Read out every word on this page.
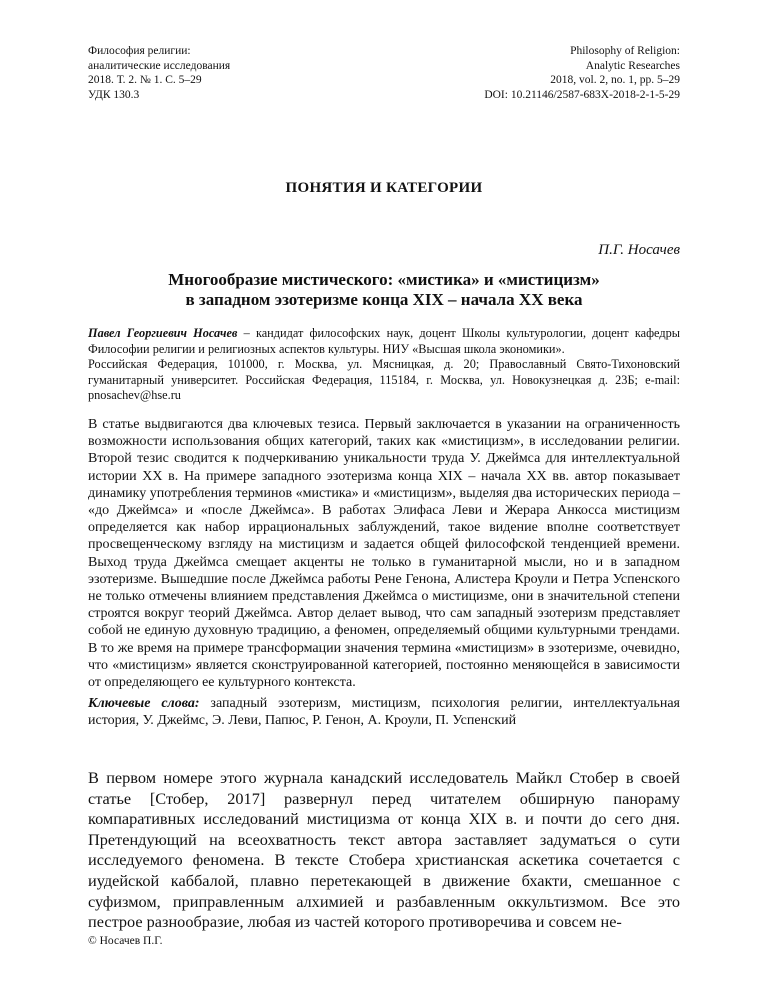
Философия религии:
аналитические исследования
2018. Т. 2. № 1. С. 5–29
УДК 130.3
Philosophy of Religion:
Analytic Researches
2018, vol. 2, no. 1, pp. 5–29
DOI: 10.21146/2587-683X-2018-2-1-5-29
ПОНЯТИЯ И КАТЕГОРИИ
П.Г. Носачев
Многообразие мистического: «мистика» и «мистицизм»
в западном эзотеризме конца XIX – начала XX века
Павел Георгиевич Носачев – кандидат философских наук, доцент Школы культурологии, доцент кафедры Философии религии и религиозных аспектов культуры. НИУ «Высшая школа экономики».
Российская Федерация, 101000, г. Москва, ул. Мясницкая, д. 20; Православный Свято-Тихоновский гуманитарный университет. Российская Федерация, 115184, г. Москва, ул. Новокузнецкая д. 23Б; e-mail: pnosachev@hse.ru
В статье выдвигаются два ключевых тезиса. Первый заключается в указании на ограниченность возможности использования общих категорий, таких как «мистицизм», в исследовании религии. Второй тезис сводится к подчеркиванию уникальности труда У. Джеймса для интеллектуальной истории XX в. На примере западного эзотеризма конца XIX – начала XX вв. автор показывает динамику употребления терминов «мистика» и «мистицизм», выделяя два исторических периода – «до Джеймса» и «после Джеймса». В работах Элифаса Леви и Жерара Анкосса мистицизм определяется как набор иррациональных заблуждений, такое видение вполне соответствует просвещенческому взгляду на мистицизм и задается общей философской тенденцией времени. Выход труда Джеймса смещает акценты не только в гуманитарной мысли, но и в западном эзотеризме. Вышедшие после Джеймса работы Рене Генона, Алистера Кроули и Петра Успенского не только отмечены влиянием представления Джеймса о мистицизме, они в значительной степени строятся вокруг теорий Джеймса. Автор делает вывод, что сам западный эзотеризм представляет собой не единую духовную традицию, а феномен, определяемый общими культурными трендами. В то же время на примере трансформации значения термина «мистицизм» в эзотеризме, очевидно, что «мистицизм» является сконструированной категорией, постоянно меняющейся в зависимости от определяющего ее культурного контекста.
Ключевые слова: западный эзотеризм, мистицизм, психология религии, интеллектуальная история, У. Джеймс, Э. Леви, Папюс, Р. Генон, А. Кроули, П. Успенский

В первом номере этого журнала канадский исследователь Майкл Стобер в своей статье [Стобер, 2017] развернул перед читателем обширную панораму компаративных исследований мистицизма от конца XIX в. и почти до сего дня. Претендующий на всеохватность текст автора заставляет задуматься о сути исследуемого феномена. В тексте Стобера христианская аскетика сочетается с иудейской каббалой, плавно перетекающей в движение бхакти, смешанное с суфизмом, приправленным алхимией и разбавленным оккультизмом. Все это пестрое разнообразие, любая из частей которого противоречива и совсем не-

© Носачев П.Г.
